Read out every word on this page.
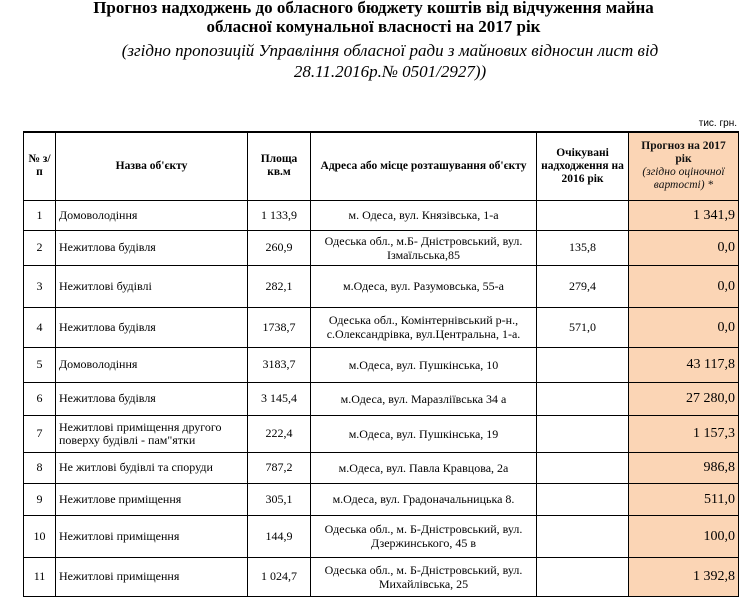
Прогноз надходжень до обласного бюджету коштів від відчуження майна
обласної комунальної власності на 2017 рік
(згідно пропозицій Управління обласної ради з майнових відносин лист від
28.11.2016р.№ 0501/2927))
тис. грн.
№ з/п	Назва об'єкту	Площа кв.м	Адреса або місце розташування об'єкту	Очікувані надходження на 2016 рік	Прогноз на 2017 рік
(згідно оціночної вартості) *
1	Домоволодіння	1 133,9	м. Одеса, вул. Князівська, 1-а		1 341,9
2	Нежитлова будівля	260,9	Одеська обл., м.Б- Дністровський, вул. Ізмаїльська,85	135,8	0,0
3	Нежитлові будівлі	282,1	м.Одеса, вул. Разумовська, 55-а	279,4	0,0
4	Нежитлова будівля	1738,7	Одеська обл., Комінтернівський р-н., с.Олександрівка, вул.Центральна, 1-а.	571,0	0,0
5	Домоволодіння	3183,7	м.Одеса, вул. Пушкінська, 10		43 117,8
6	Нежитлова будівля	3 145,4	м.Одеса, вул. Маразліївська 34 а		27 280,0
7	Нежитлові приміщення другого поверху будівлі - пам"ятки	222,4	м.Одеса, вул. Пушкінська, 19		1 157,3
8	Не житлові будівлі та споруди	787,2	м.Одеса, вул. Павла Кравцова, 2а		986,8
9	Нежитлове приміщення	305,1	м.Одеса, вул. Градоначальницька 8.		511,0
10	Нежитлові приміщення	144,9	Одеська обл., м. Б-Дністровський, вул. Дзержинського, 45 в		100,0
11	Нежитлові приміщення	1 024,7	Одеська обл., м. Б-Дністровський, вул. Михайлівська, 25		1 392,8
